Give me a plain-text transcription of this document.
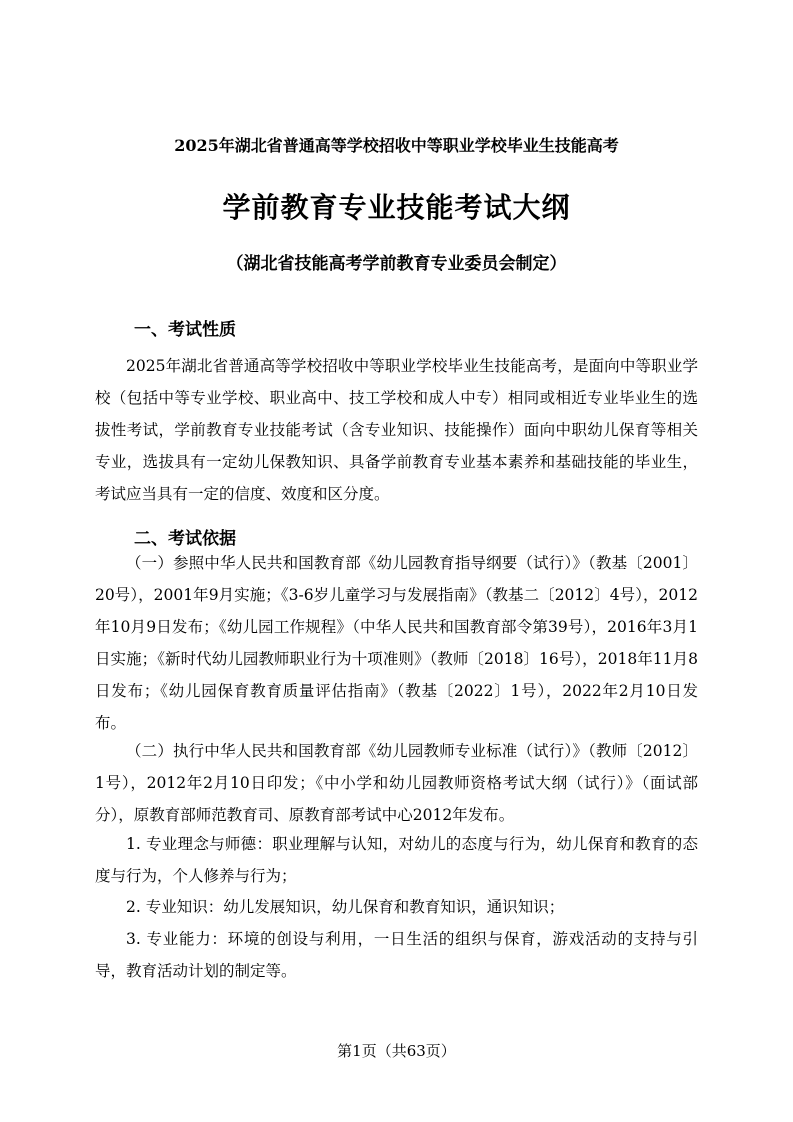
2025年湖北省普通高等学校招收中等职业学校毕业生技能高考
学前教育专业技能考试大纲
（湖北省技能高考学前教育专业委员会制定）
一、考试性质

2025年湖北省普通高等学校招收中等职业学校毕业生技能高考，是面向中等职业学校（包括中等专业学校、职业高中、技工学校和成人中专）相同或相近专业毕业生的选拔性考试，学前教育专业技能考试（含专业知识、技能操作）面向中职幼儿保育等相关专业，选拔具有一定幼儿保教知识、具备学前教育专业基本素养和基础技能的毕业生，考试应当具有一定的信度、效度和区分度。

二、考试依据

（一）参照中华人民共和国教育部《幼儿园教育指导纲要（试行）》（教基〔2001〕20号），2001年9月实施；《3-6岁儿童学习与发展指南》（教基二〔2012〕4号），2012年10月9日发布；《幼儿园工作规程》（中华人民共和国教育部令第39号），2016年3月1日实施；《新时代幼儿园教师职业行为十项准则》（教师〔2018〕16号），2018年11月8日发布；《幼儿园保育教育质量评估指南》（教基〔2022〕1号），2022年2月10日发布。

（二）执行中华人民共和国教育部《幼儿园教师专业标准（试行）》（教师〔2012〕1号），2012年2月10日印发；《中小学和幼儿园教师资格考试大纲（试行）》（面试部分），原教育部师范教育司、原教育部考试中心2012年发布。

1. 专业理念与师德：职业理解与认知，对幼儿的态度与行为，幼儿保育和教育的态度与行为，个人修养与行为；

2. 专业知识：幼儿发展知识，幼儿保育和教育知识，通识知识；

3. 专业能力：环境的创设与利用，一日生活的组织与保育，游戏活动的支持与引导，教育活动计划的制定等。

第1页（共63页）
